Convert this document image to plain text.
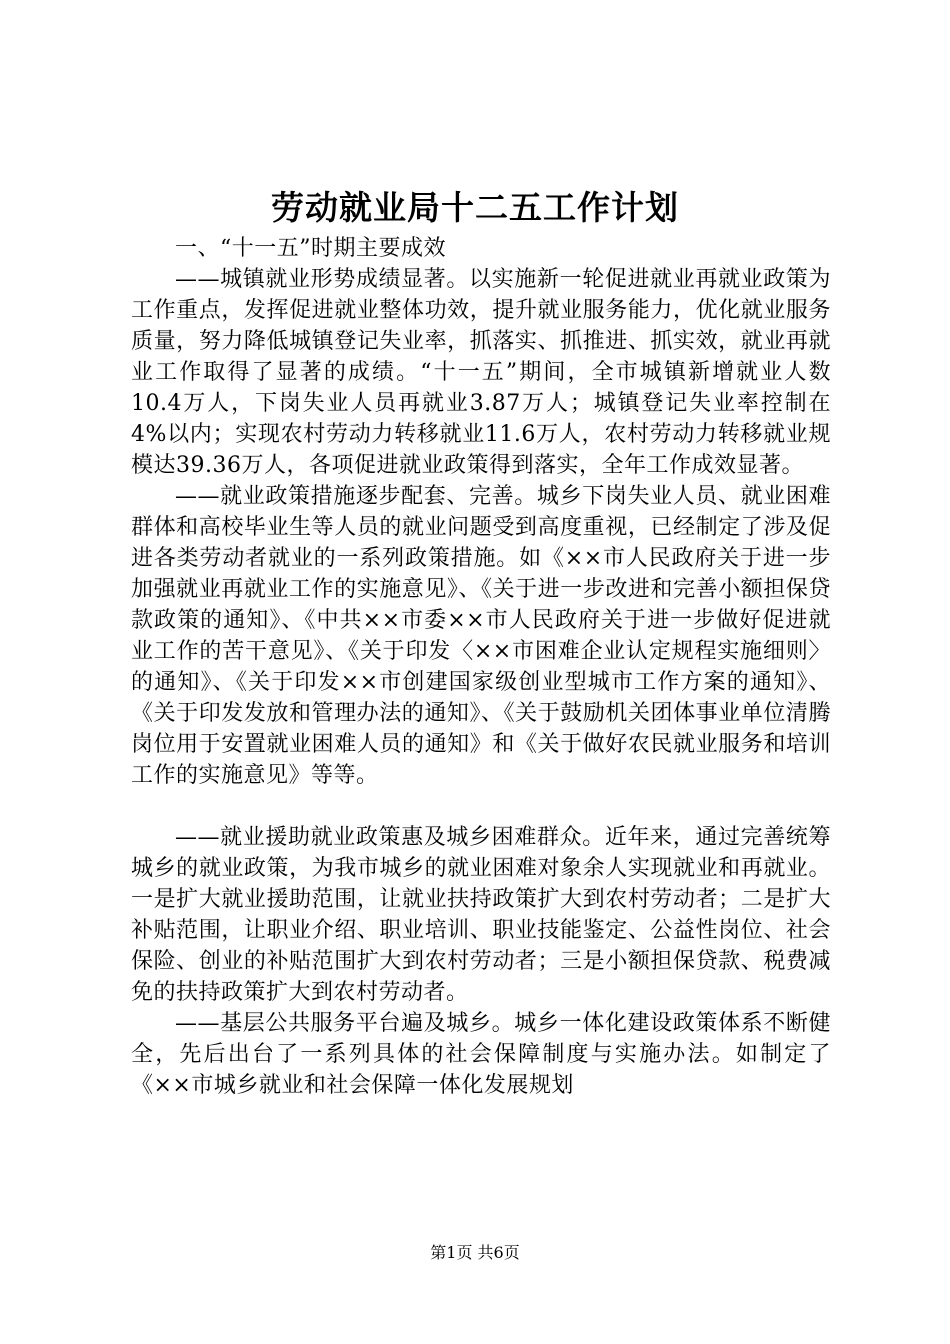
劳动就业局十二五工作计划

一、“十一五”时期主要成效

——城镇就业形势成绩显著。以实施新一轮促进就业再就业政策为工作重点，发挥促进就业整体功效，提升就业服务能力，优化就业服务质量，努力降低城镇登记失业率，抓落实、抓推进、抓实效，就业再就业工作取得了显著的成绩。“十一五”期间，全市城镇新增就业人数10.4万人，下岗失业人员再就业3.87万人；城镇登记失业率控制在4%以内；实现农村劳动力转移就业11.6万人，农村劳动力转移就业规模达39.36万人，各项促进就业政策得到落实，全年工作成效显著。

——就业政策措施逐步配套、完善。城乡下岗失业人员、就业困难群体和高校毕业生等人员的就业问题受到高度重视，已经制定了涉及促进各类劳动者就业的一系列政策措施。如《××市人民政府关于进一步加强就业再就业工作的实施意见》、《关于进一步改进和完善小额担保贷款政策的通知》、《中共××市委××市人民政府关于进一步做好促进就业工作的苦干意见》、《关于印发〈××市困难企业认定规程实施细则〉的通知》、《关于印发××市创建国家级创业型城市工作方案的通知》、《关于印发发放和管理办法的通知》、《关于鼓励机关团体事业单位清腾岗位用于安置就业困难人员的通知》和《关于做好农民就业服务和培训工作的实施意见》等等。

——就业援助就业政策惠及城乡困难群众。近年来，通过完善统筹城乡的就业政策，为我市城乡的就业困难对象余人实现就业和再就业。一是扩大就业援助范围，让就业扶持政策扩大到农村劳动者；二是扩大补贴范围，让职业介绍、职业培训、职业技能鉴定、公益性岗位、社会保险、创业的补贴范围扩大到农村劳动者；三是小额担保贷款、税费减免的扶持政策扩大到农村劳动者。

——基层公共服务平台遍及城乡。城乡一体化建设政策体系不断健全，先后出台了一系列具体的社会保障制度与实施办法。如制定了《××市城乡就业和社会保障一体化发展规划

第1页 共6页
